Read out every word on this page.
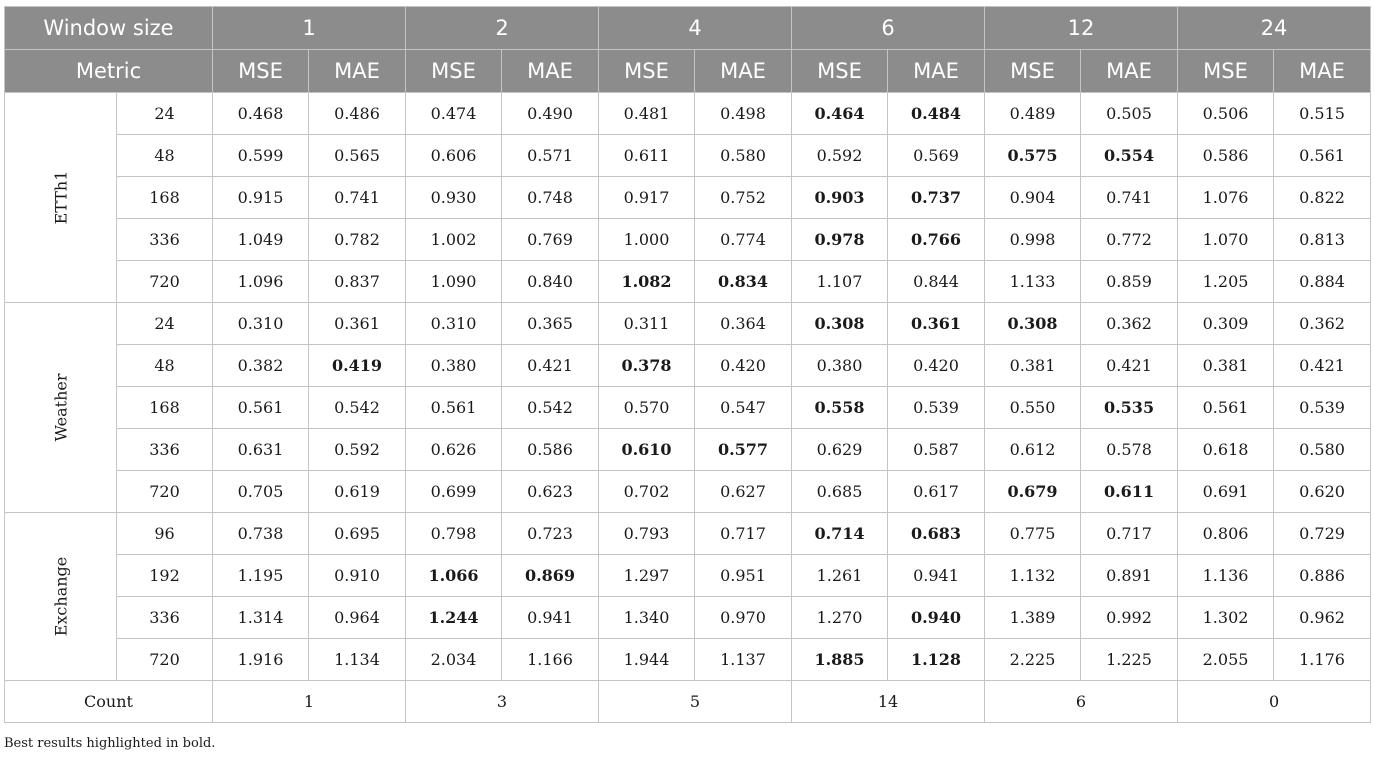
Window size		1		2		4		6		12		24	
Metric		MSE	MAE	MSE	MAE	MSE	MAE	MSE	MAE	MSE	MAE	MSE	MAE
ETTh1	24	0.468	0.486	0.474	0.490	0.481	0.498	0.464	0.484	0.489	0.505	0.506	0.515
	48	0.599	0.565	0.606	0.571	0.611	0.580	0.592	0.569	0.575	0.554	0.586	0.561
	168	0.915	0.741	0.930	0.748	0.917	0.752	0.903	0.737	0.904	0.741	1.076	0.822
	336	1.049	0.782	1.002	0.769	1.000	0.774	0.978	0.766	0.998	0.772	1.070	0.813
	720	1.096	0.837	1.090	0.840	1.082	0.834	1.107	0.844	1.133	0.859	1.205	0.884
Weather	24	0.310	0.361	0.310	0.365	0.311	0.364	0.308	0.361	0.308	0.362	0.309	0.362
	48	0.382	0.419	0.380	0.421	0.378	0.420	0.380	0.420	0.381	0.421	0.381	0.421
	168	0.561	0.542	0.561	0.542	0.570	0.547	0.558	0.539	0.550	0.535	0.561	0.539
	336	0.631	0.592	0.626	0.586	0.610	0.577	0.629	0.587	0.612	0.578	0.618	0.580
	720	0.705	0.619	0.699	0.623	0.702	0.627	0.685	0.617	0.679	0.611	0.691	0.620
Exchange	96	0.738	0.695	0.798	0.723	0.793	0.717	0.714	0.683	0.775	0.717	0.806	0.729
	192	1.195	0.910	1.066	0.869	1.297	0.951	1.261	0.941	1.132	0.891	1.136	0.886
	336	1.314	0.964	1.244	0.941	1.340	0.970	1.270	0.940	1.389	0.992	1.302	0.962
	720	1.916	1.134	2.034	1.166	1.944	1.137	1.885	1.128	2.225	1.225	2.055	1.176
Count		1		3		5		14		6		0	
Best results highlighted in bold.
